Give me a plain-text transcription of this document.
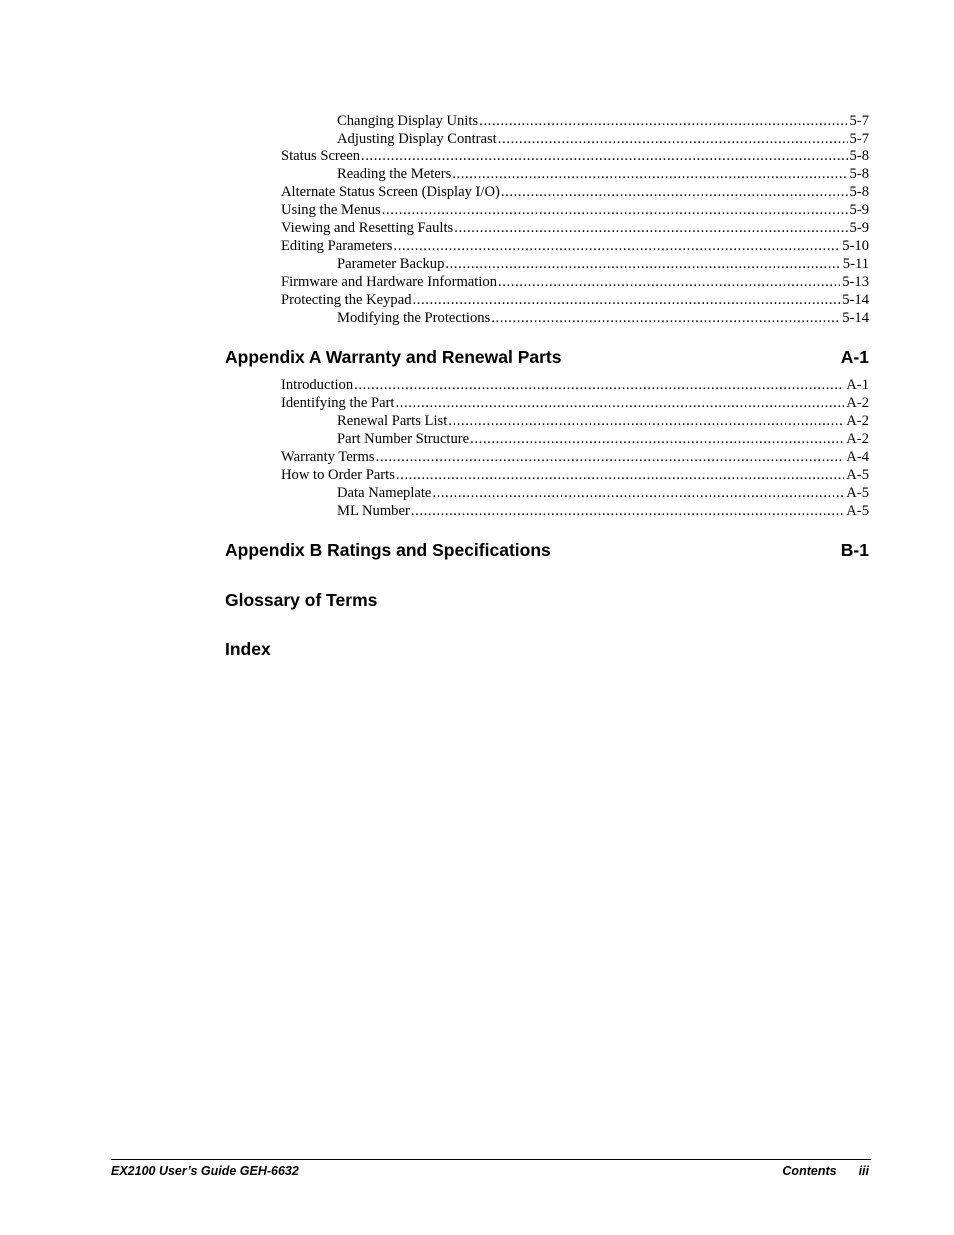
Changing Display Units .....	5-7
Adjusting Display Contrast .....	5-7
Status Screen .....	5-8
Reading the Meters .....	5-8
Alternate Status Screen (Display I/O) .....	5-8
Using the Menus .....	5-9
Viewing and Resetting Faults .....	5-9
Editing Parameters .....	5-10
Parameter Backup .....	5-11
Firmware and Hardware Information .....	5-13
Protecting the Keypad .....	5-14
Modifying the Protections .....	5-14
Appendix A Warranty and Renewal Parts	A-1
Introduction .....	A-1
Identifying the Part .....	A-2
Renewal Parts List .....	A-2
Part Number Structure .....	A-2
Warranty Terms .....	A-4
How to Order Parts .....	A-5
Data Nameplate .....	A-5
ML Number .....	A-5
Appendix B Ratings and Specifications	B-1
Glossary of Terms
Index
EX2100 User’s Guide GEH-6632	Contents iii
